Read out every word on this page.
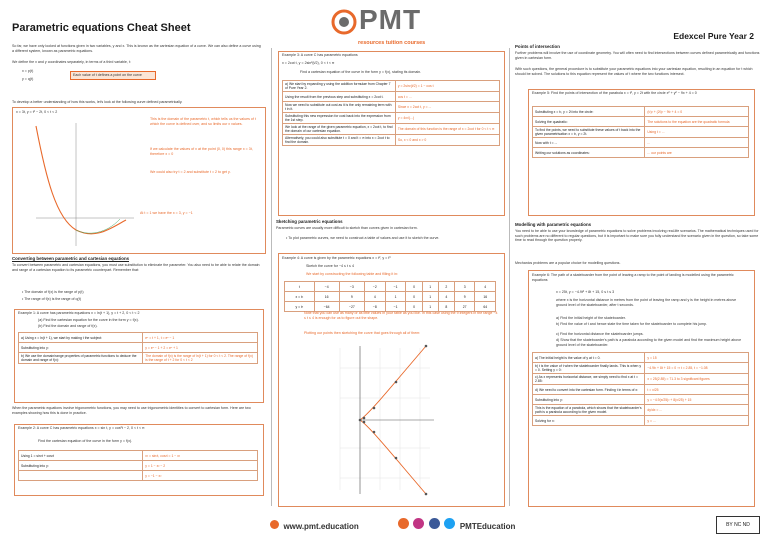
Parametric equations Cheat Sheet
Edexcel Pure Year 2
PMT
resources tuition courses
So far, we have only looked at functions given in two variables, y and x. This is known as the cartesian equation of a curve. We can also define a curve using a different system, known as parametric equations.
We define the x and y coordinates separately, in terms of a third variable, t:
x = p(t)
y = q(t)
Each value of t defines a point on the curve
To develop a better understanding of how this works, let's look at the following curve defined parametrically.
x = 3t, y = t² − 2t, 0 < t < 2
This is the domain of the parametric t, which tells us the values of t which the curve is defined over, and so limits our x values.
If we calculate the values of x at the point (0, 0) this range x = 3t, therefore x = 0
We could also try t = 2 and substitute t = 2 to get y.
At t = 1 we have the x = 3, y = −1
Converting between parametric and cartesian equations
To convert between parametric and cartesian equations, you must use substitution to eliminate the parameter. You also need to be able to relate the domain and range of a cartesian equation to its parametric counterpart. Remember that:
• The domain of f(x) is the range of p(t)
• The range of f(x) is the range of q(t)
Example 1: A curve has parametric equations x = ln(t + 1), y = t + 2, 0 < t < 2
(a) Find the cartesian equation for the curve in the form y = f(x).
(b) Find the domain and range of f(x).
a) Using x = ln(t + 1), we start by making t the subject:	eˣ = t + 1, t = eˣ − 1
Substituting into y:	y = eˣ − 1 + 2 = eˣ + 1
b) We use the domain/range properties of parametric functions to deduce the domain and range of f(x):	The domain of f(x) is the range of ln(t + 1) for 0 < t < 2. The range of f(x) is the range of t + 2 for 0 < t < 2
When the parametric equations involve trigonometric functions, you may need to use trigonometric identities to convert to cartesian form. Here are two examples showing how this is done in practice.
Example 2: A curve C has parametric equations x = sin t, y = cos²t − 2, 0 < t < π
Find the cartesian equation of the curve in the form y = f(x).
Using 1 = sin²t + cos²t	x² = sin²t, cos²t = 1 − x²
Substituting into y:	y = 1 − x² − 2
	y = −1 − x²
Example 3: A curve C has parametric equations
x = 2cot t, y = 2sin²(t/2), 0 < t < π
Find a cartesian equation of the curve in the form y = f(x), stating its domain.
a) We start by expanding y using the addition formulae from Chapter 7 of Pure Year 2.	y = 2sin²(t/2) = 1 − cos t
Using the result from the previous step and substituting x = 2cot t.	cos t = ...
Now we need to substitute out cost as it is the only remaining term with t in it.	Since x = 2cot t, y = ...
Substituting this new expression for cost back into the expression from the 1st step.	y = 4x²/(...)
We look at the range of the given parametric equation, x = 2cot t, to find the domain of our cartesian equation.	The domain of this function is the range of x = 2cot t for 0 < t < π
Alternatively, you could also substitute t = 0 and t = π into x = 2cot t to find the domain.	So, x < 0 and x > 0
Sketching parametric equations
Parametric curves are usually more difficult to sketch than curves given in cartesian form.
• To plot parametric curves, we need to construct a table of values and use it to sketch the curve.
Example 4: A curve is given by the parametric equations x = t², y = t³
Sketch the curve for −4 ≤ t ≤ 4
We start by constructing the following table and filling it in:
t	−4	−3	−2	−1	0	1	2	3	4
x = t²	16	9	4	1	0	1	4	9	16
y = t³	−64	−27	−8	−1	0	1	8	27	64
Note that you can use as many or as little values in your table as you like. In this case using the 9 integers in the range −4 ≤ t ≤ 4 is enough for us to figure out the shape.
Plotting our points then sketching the curve that goes through all of them:
Points of intersection
Further problems will involve the use of coordinate geometry. You will often need to find intersections between curves defined parametrically and functions given in cartesian form.
With such questions, the general procedure is to substitute your parametric equations into your cartesian equation, resulting in an equation for t which should be solved. The solutions to this equation represent the values of t where the two functions intersect.
Example 5: Find the points of intersection of the parabola x = t², y = 2t with the circle x² + y² − 9x + 4 = 0
Substituting x = t², y = 2t into the circle:	(t²)² + (2t)² − 9t² + 4 = 0
Solving the quadratic:	The solutions to the equation are the quadratic formula
To find the points, we need to substitute these values of t back into the given parametrisation x = t², y = 2t.	Using t = ...
Now with t = ...	...
Writing our solutions as coordinates:	... our points are
Modelling with parametric equations
You need to be able to use your knowledge of parametric equations to solve problems involving real-life scenarios. The mathematical techniques used for such problems are no different to regular questions, but it is important to make sure you fully understand the scenario given in the question, so take some time to read through the question properly.
Mechanics problems are a popular choice for modelling questions.
Example 6: The path of a skateboarder from the point of leaving a ramp to the point of landing is modelled using the parametric equations
x = 25t, y = −4.9t² + 8t + 15, 0 ≤ t ≤ 3
where x is the horizontal distance in metres from the point of leaving the ramp and y is the height in metres above ground level of the skateboarder, after t seconds.
a) Find the initial height of the skateboarder.
b) Find the value of t and hence state the time taken for the skateboarder to complete his jump.
c) Find the horizontal distance the skateboarder jumps.
d) Show that the skateboarder's path is a parabola according to the given model and find the maximum height above ground level of the skateboarder.
a) The initial height is the value of y at t = 0.	y = 15
b) t is the value of t when the skateboarder finally lands. This is when y = 0. Setting y = 0:	−4.9t² + 8t + 15 = 0 ⇒ t = 2.85, t = −1.08
c) As x represents horizontal distance, we simply need to find x at t = 2.85:	x = 25(2.85) = 71.3 to 3 significant figures
d) We need to convert into the cartesian form. Finding t in terms of x:	t = x/25
Substituting into y:	y = −4.9(x/25)² + 8(x/25) + 15
This is the equation of a parabola, which shows that the skateboarder's path is a parabola according to the given model.	dy/dx = ...
Solving for x:	y = ...
www.pmt.education	PMTEducation	BY NC ND
